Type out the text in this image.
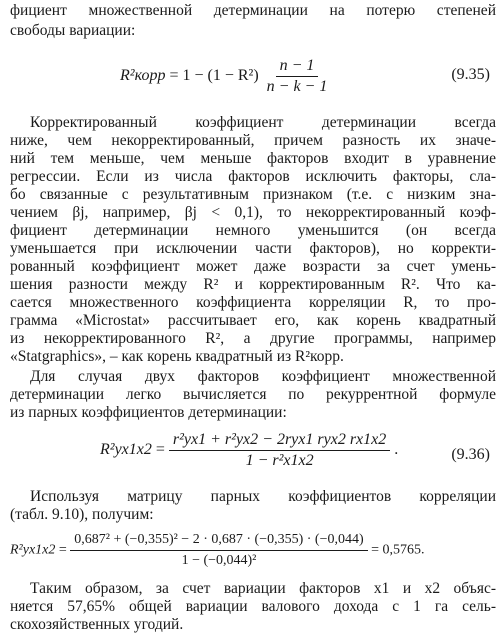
фициент множественной детерминации на потерю степеней
свободы вариации:
R²корр = $1 - (1 - R^2) \frac{n - 1}{n - k - 1}$	(9.35)
Корректированный коэффициент детерминации всегда
ниже, чем некорректированный, причем разность их значе-
ний тем меньше, чем меньше факторов входит в уравнение
регрессии. Если из числа факторов исключить факторы, сла-
бо связанные с результативным признаком (т.е. с низким зна-
чением βj, например, βj < 0,1), то некорректированный коэф-
фициент детерминации немного уменьшится (он всегда
уменьшается при исключении части факторов), но корректи-
рованный коэффициент может даже возрасти за счет умень-
шения разности между R² и корректированным R². Что ка-
сается множественного коэффициента корреляции R, то про-
грамма «Microstat» рассчитывает его, как корень квадратный
из некорректированного R², а другие программы, например
«Statgraphics», – как корень квадратный из R²корр.
Для случая двух факторов коэффициент множественной
детерминации легко вычисляется по рекуррентной формуле
из парных коэффициентов детерминации:
$R^2yx1x2 = \frac{\text{r²yx1 + r²yx2 − 2ryx1 ryx2 rx1x2}}{\text{1 − r²x1x2}}$ .	(9.36)
Используя матрицу парных коэффициентов корреляции
(табл. 9.10), получим:
$R^2yx1x2 = \frac{\text{0,687² + (−0,355)² − 2 · 0,687 · (−0,355) · (−0,044)}}{\text{1 − (−0,044)²}} = 0,5765$.
Таким образом, за счет вариации факторов x1 и x2 объяс-
няется 57,65% общей вариации валового дохода с 1 га сель-
скохозяйственных угодий.
